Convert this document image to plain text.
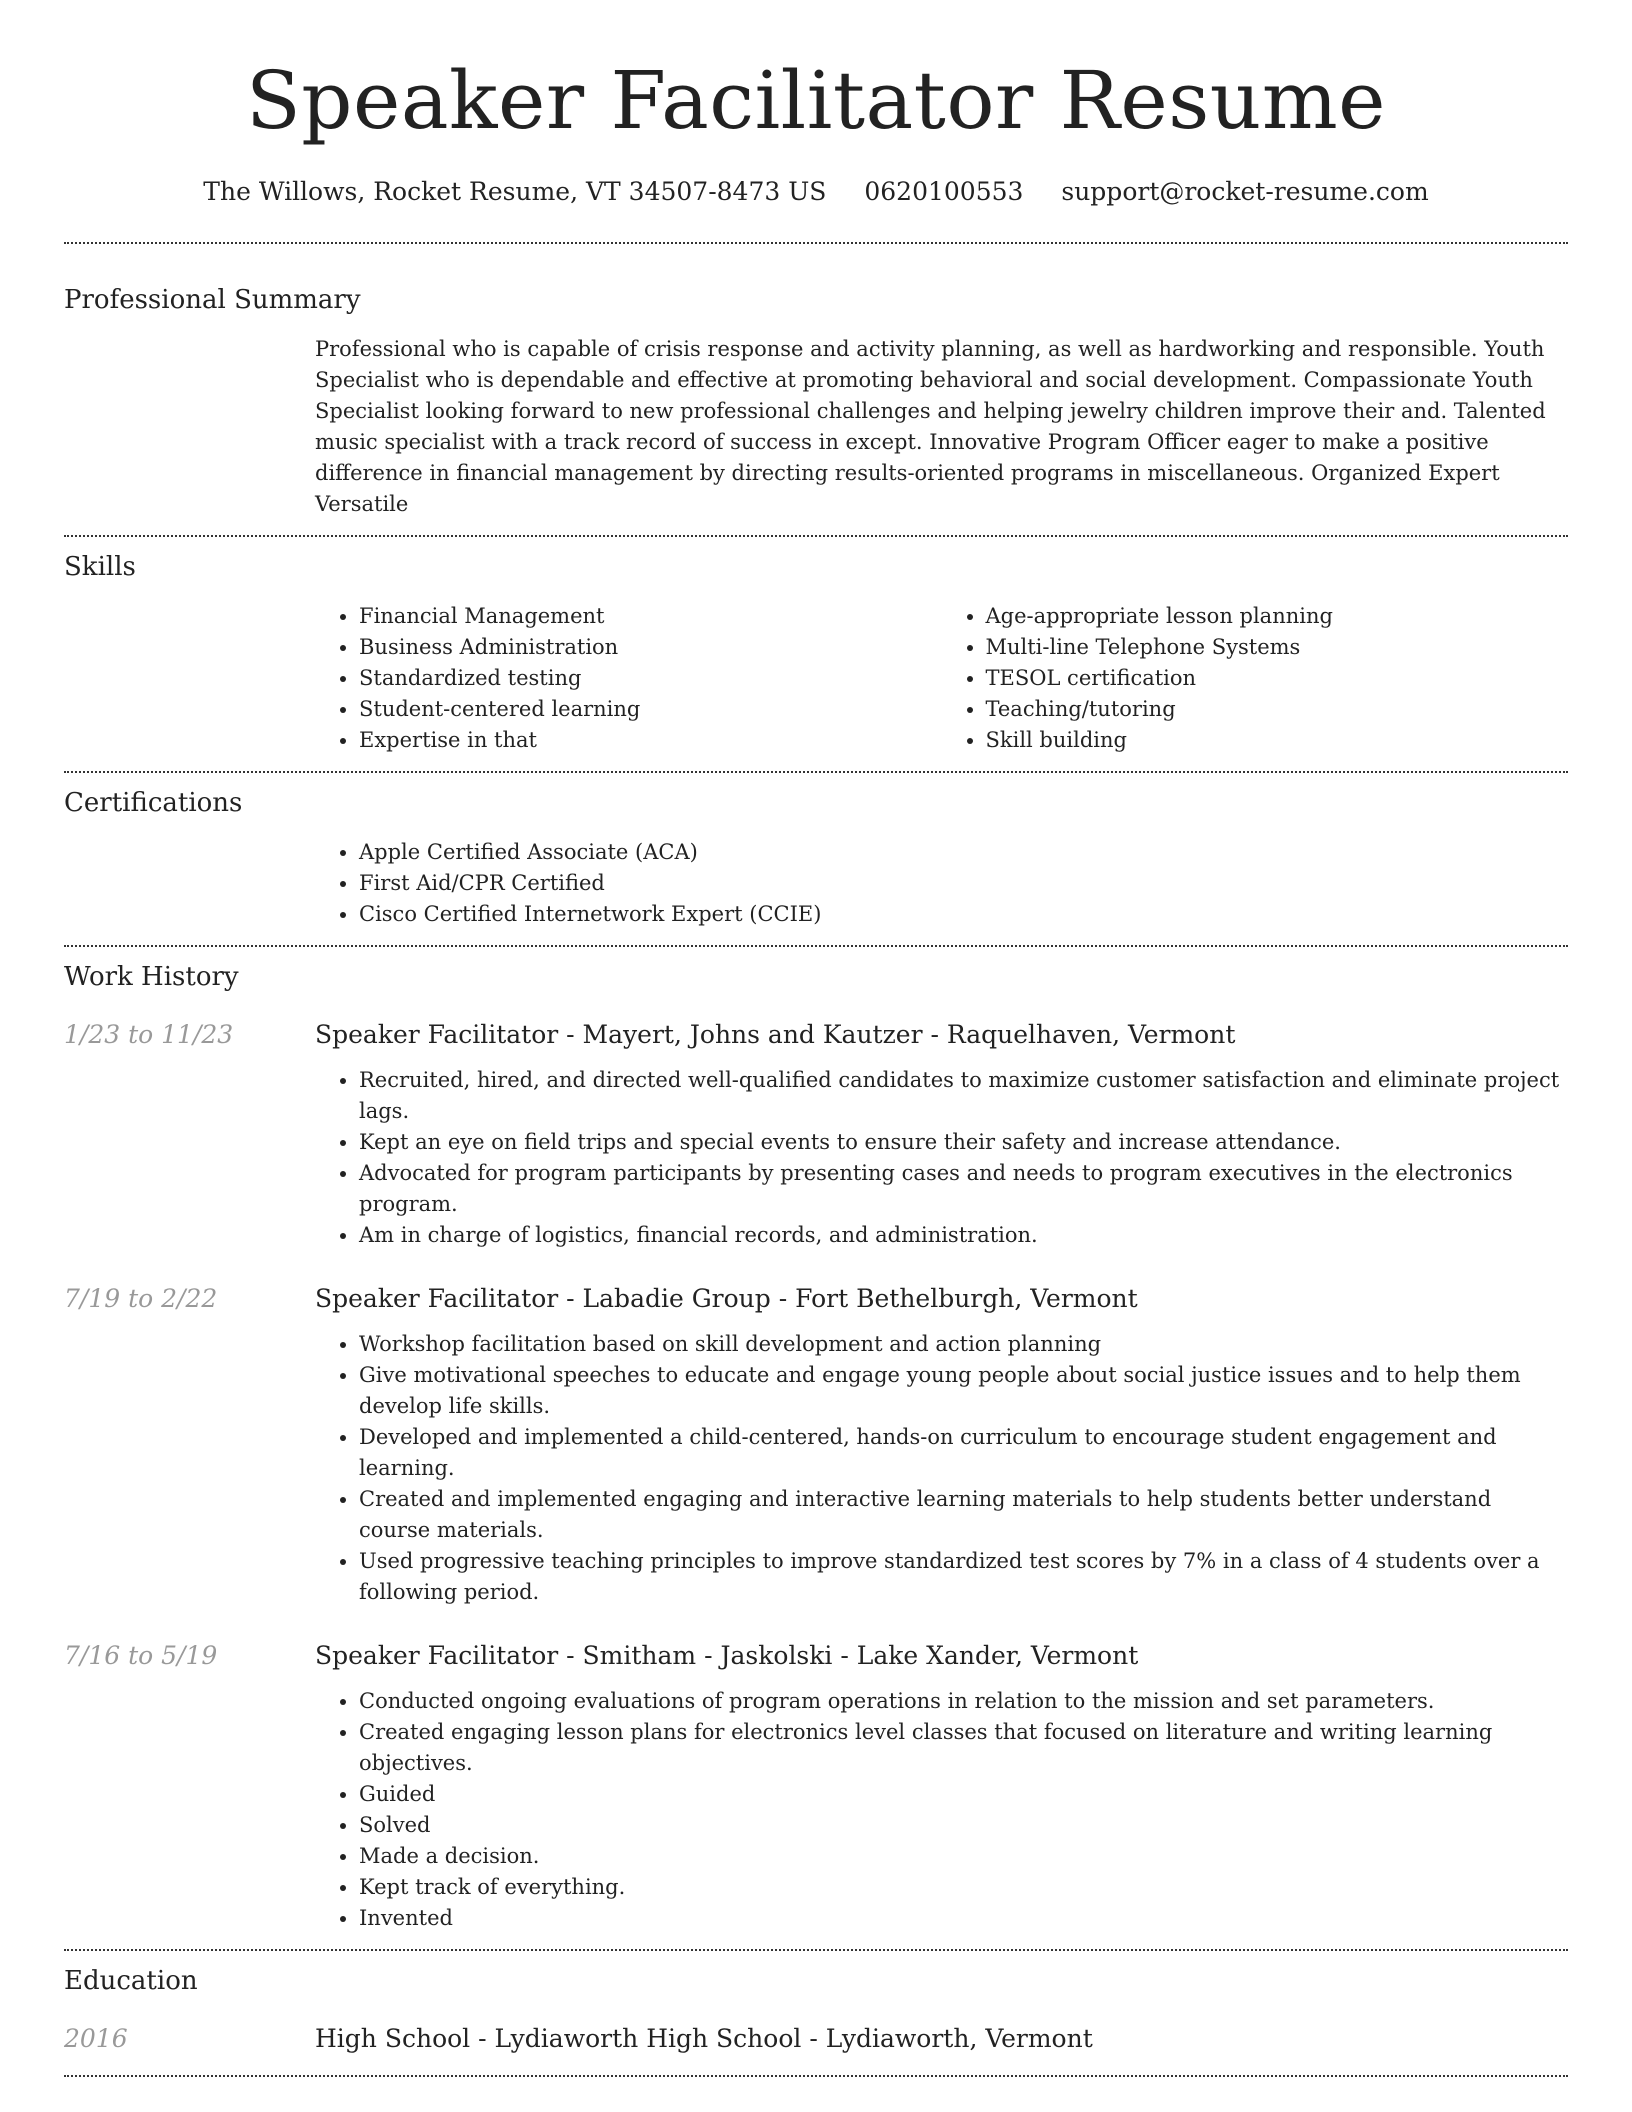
Speaker Facilitator Resume
The Willows, Rocket Resume, VT 34507-8473 US 0620100553 support@rocket-resume.com
Professional Summary

Professional who is capable of crisis response and activity planning, as well as hardworking and responsible. Youth Specialist who is dependable and effective at promoting behavioral and social development. Compassionate Youth Specialist looking forward to new professional challenges and helping jewelry children improve their and. Talented music specialist with a track record of success in except. Innovative Program Officer eager to make a positive difference in financial management by directing results-oriented programs in miscellaneous. Organized Expert Versatile

Skills
• Financial Management
• Business Administration
• Standardized testing
• Student-centered learning
• Expertise in that
• Age-appropriate lesson planning
• Multi-line Telephone Systems
• TESOL certification
• Teaching/tutoring
• Skill building
Certifications
• Apple Certified Associate (ACA)
• First Aid/CPR Certified
• Cisco Certified Internetwork Expert (CCIE)
Work History
1/23 to 11/23	Speaker Facilitator - Mayert, Johns and Kautzer - Raquelhaven, Vermont
• Recruited, hired, and directed well-qualified candidates to maximize customer satisfaction and eliminate project lags.
• Kept an eye on field trips and special events to ensure their safety and increase attendance.
• Advocated for program participants by presenting cases and needs to program executives in the electronics program.
• Am in charge of logistics, financial records, and administration.
7/19 to 2/22	Speaker Facilitator - Labadie Group - Fort Bethelburgh, Vermont
• Workshop facilitation based on skill development and action planning
• Give motivational speeches to educate and engage young people about social justice issues and to help them develop life skills.
• Developed and implemented a child-centered, hands-on curriculum to encourage student engagement and learning.
• Created and implemented engaging and interactive learning materials to help students better understand course materials.
• Used progressive teaching principles to improve standardized test scores by 7% in a class of 4 students over a following period.
7/16 to 5/19	Speaker Facilitator - Smitham - Jaskolski - Lake Xander, Vermont
• Conducted ongoing evaluations of program operations in relation to the mission and set parameters.
• Created engaging lesson plans for electronics level classes that focused on literature and writing learning objectives.
• Guided
• Solved
• Made a decision.
• Kept track of everything.
• Invented
Education
2016	High School - Lydiaworth High School - Lydiaworth, Vermont
